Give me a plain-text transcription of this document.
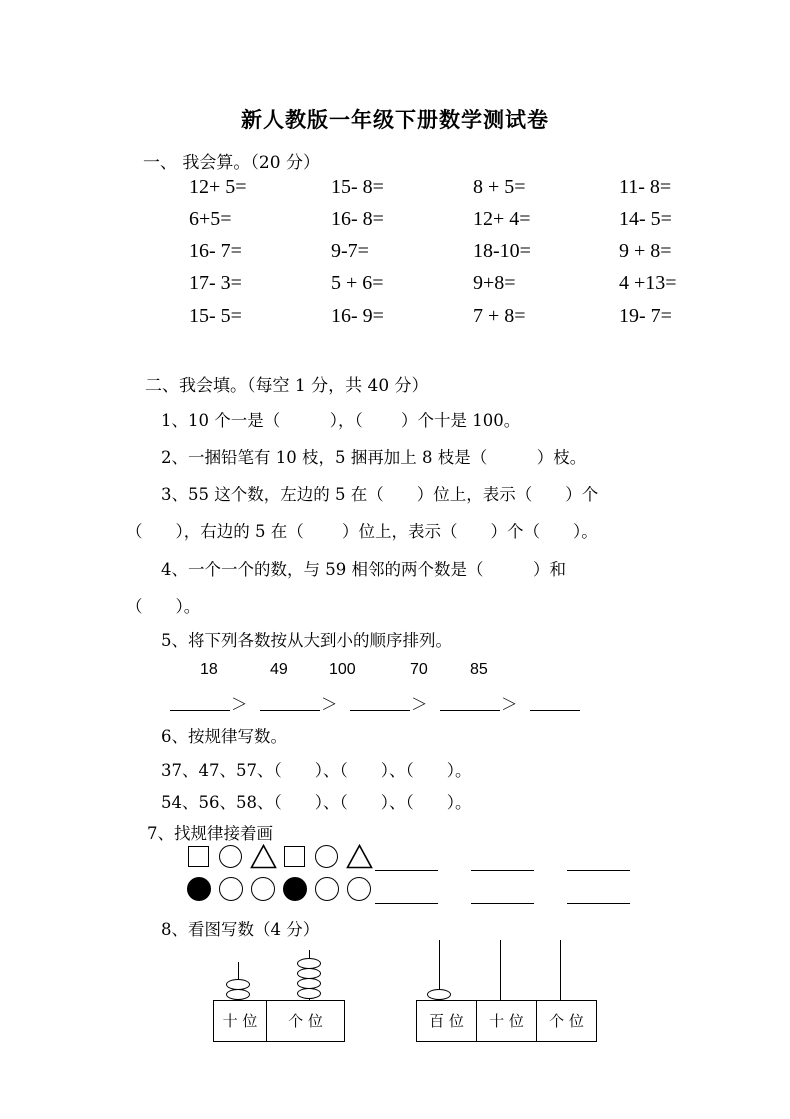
新人教版一年级下册数学测试卷
一、 我会算。（20 分）
12+ 5=	15- 8=	8 + 5=	11- 8=
6+5=	16- 8=	12+ 4=	14- 5=
16- 7=	9-7=	18-10=	9 + 8=
17- 3=	5 + 6=	9+8=	4 +13=
15- 5=	16- 9=	7 + 8=	19- 7=
二、我会填。（每空 1 分，共 40 分）
1、10 个一是（　　　），（　　 ）个十是 100。
2、一捆铅笔有 10 枝，5 捆再加上 8 枝是（　　　）枝。
3、55 这个数，左边的 5 在（　　）位上，表示（　　）个
（　　），右边的 5 在（　　 ）位上，表示（　　）个（　　）。
4、一个一个的数，与 59 相邻的两个数是（　　　）和
（　　）。
5、将下列各数按从大到小的顺序排列。
18	49	100	70	85
＞	＞	＞	＞
6、按规律写数。
37、47、57、（　　）、（　　）、（　　）。
54、56、58、（　　）、（　　）、（　　）。
7、找规律接着画
8、看图写数（4 分）
十 位	个 位	百 位	十 位	个 位
